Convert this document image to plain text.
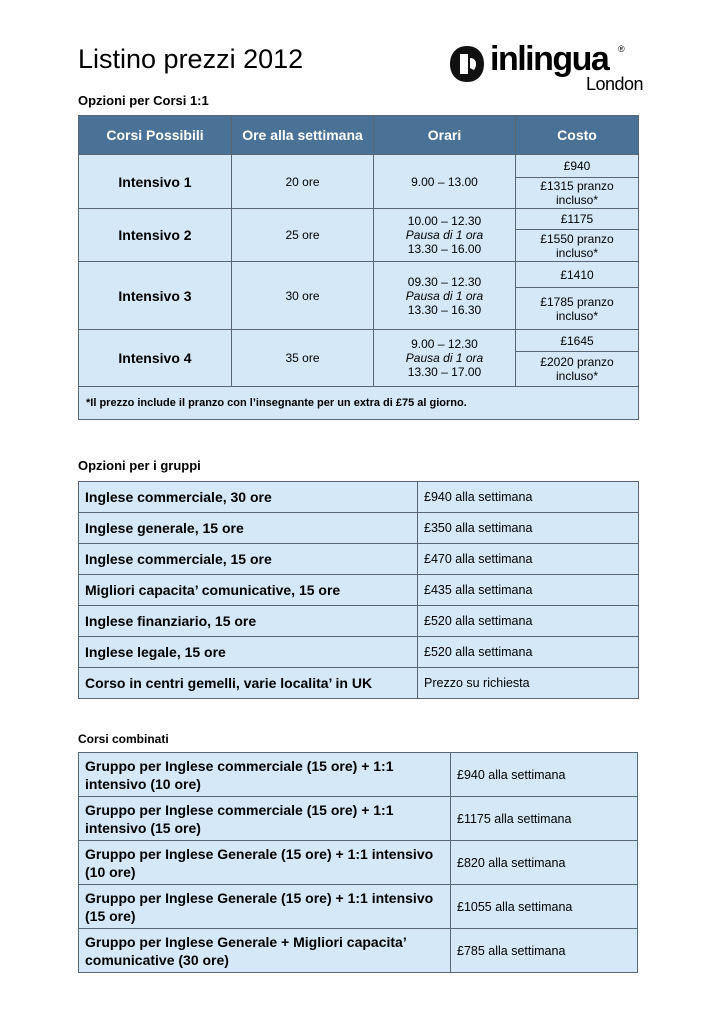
Listino prezzi 2012	inlingua ®
London

Opzioni per Corsi 1:1

Corsi Possibili	Ore alla settimana	Orari	Costo
Intensivo 1	20 ore	9.00 – 13.00	£940
			£1315 pranzo incluso*
Intensivo 2	25 ore	10.00 – 12.30
Pausa di 1 ora
13.30 – 16.00	£1175
			£1550 pranzo incluso*
Intensivo 3	30 ore	09.30 – 12.30
Pausa di 1 ora
13.30 – 16.30	£1410
			£1785 pranzo incluso*
Intensivo 4	35 ore	9.00 – 12.30
Pausa di 1 ora
13.30 – 17.00	£1645
			£2020 pranzo incluso*
*Il prezzo include il pranzo con l’insegnante per un extra di £75 al giorno.			

Opzioni per i gruppi

Inglese commerciale, 30 ore	£940 alla settimana
Inglese generale, 15 ore	£350 alla settimana
Inglese commerciale, 15 ore	£470 alla settimana
Migliori capacita’ comunicative, 15 ore	£435 alla settimana
Inglese finanziario, 15 ore	£520 alla settimana
Inglese legale, 15 ore	£520 alla settimana
Corso in centri gemelli, varie localita’ in UK	Prezzo su richiesta

Corsi combinati

Gruppo per Inglese commerciale (15 ore) + 1:1 intensivo (10 ore)	£940 alla settimana
Gruppo per Inglese commerciale (15 ore) + 1:1 intensivo (15 ore)	£1175 alla settimana
Gruppo per Inglese Generale (15 ore) + 1:1 intensivo (10 ore)	£820 alla settimana
Gruppo per Inglese Generale (15 ore) + 1:1 intensivo (15 ore)	£1055 alla settimana
Gruppo per Inglese Generale + Migliori capacita’ comunicative (30 ore)	£785 alla settimana
